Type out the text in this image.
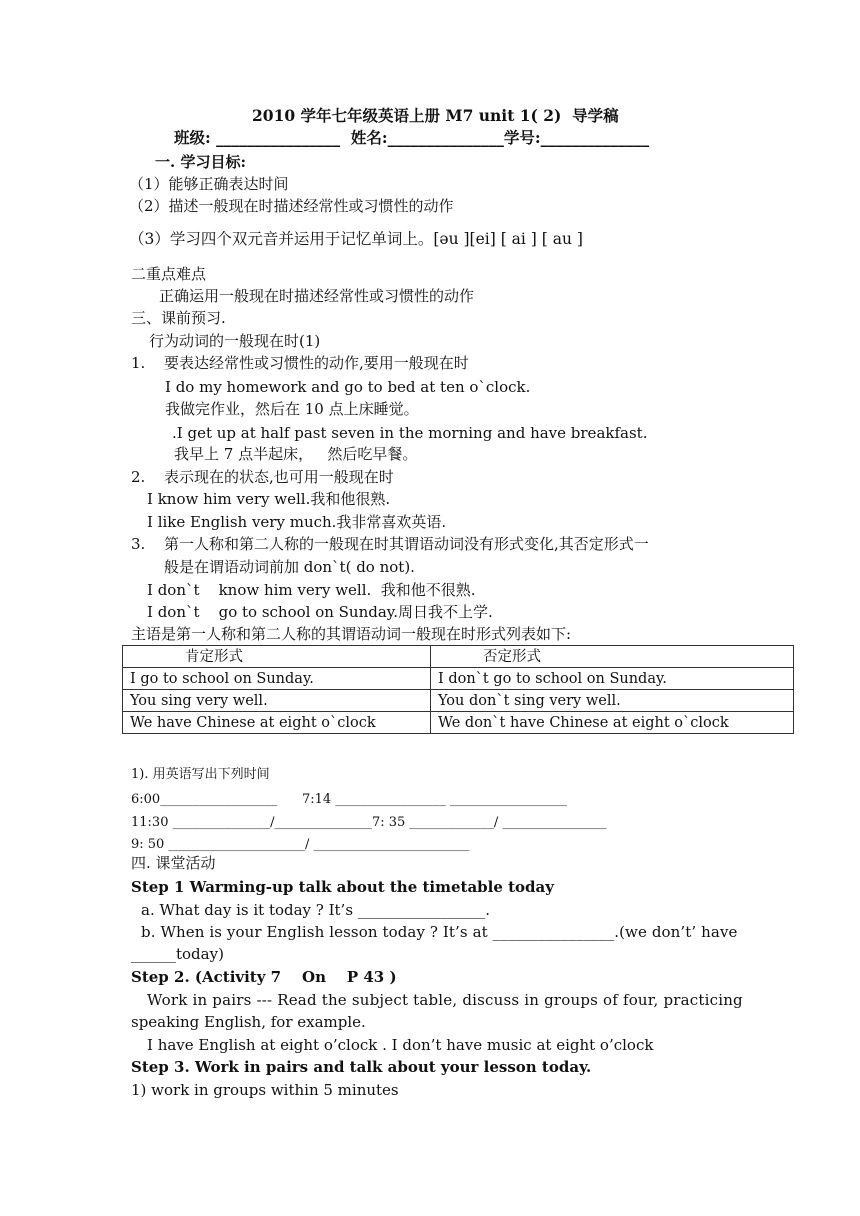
2010 学年七年级英语上册 M7 unit 1( 2)  导学稿
班级: ________________  姓名:_______________学号:______________
一. 学习目标:
（1）能够正确表达时间
（2）描述一般现在时描述经常性或习惯性的动作
（3）学习四个双元音并运用于记忆单词上。[əu ][ei] [ ai ] [ au ]
二重点难点
正确运用一般现在时描述经常性或习惯性的动作
三、课前预习.
行为动词的一般现在时(1)
1. 要表达经常性或习惯性的动作,要用一般现在时
I do my homework and go to bed at ten o`clock.
我做完作业，然后在 10 点上床睡觉。
.I get up at half past seven in the morning and have breakfast.
我早上 7 点半起床，   然后吃早餐。
2. 表示现在的状态,也可用一般现在时
I know him very well.我和他很熟.
I like English very much.我非常喜欢英语.
3. 第一人称和第二人称的一般现在时其谓语动词没有形式变化,其否定形式一
般是在谓语动词前加 don`t( do not).
I don`t    know him very well.  我和他不很熟.
I don`t    go to school on Sunday.周日我不上学.
主语是第一人称和第二人称的其谓语动词一般现在时形式列表如下:
肯定形式	否定形式
I go to school on Sunday.	I don`t go to school on Sunday.
You sing very well.	You don`t sing very well.
We have Chinese at eight o`clock	We don`t have Chinese at eight o`clock
1). 用英语写出下列时间
6:00__________________      7:14 _________________ __________________
11:30 _______________/_______________7: 35 _____________/ ________________
9: 50 _____________________/ ________________________
四. 课堂活动
Step 1 Warming-up talk about the timetable today
a. What day is it today ? It’s _________________.
b. When is your English lesson today ? It’s at ________________.(we don’t’ have
______today)
Step 2. (Activity 7    On    P 43 )
Work in pairs --- Read the subject table, discuss in groups of four, practicing
speaking English, for example.
I have English at eight o’clock . I don’t have music at eight o’clock
Step 3. Work in pairs and talk about your lesson today.
1) work in groups within 5 minutes
